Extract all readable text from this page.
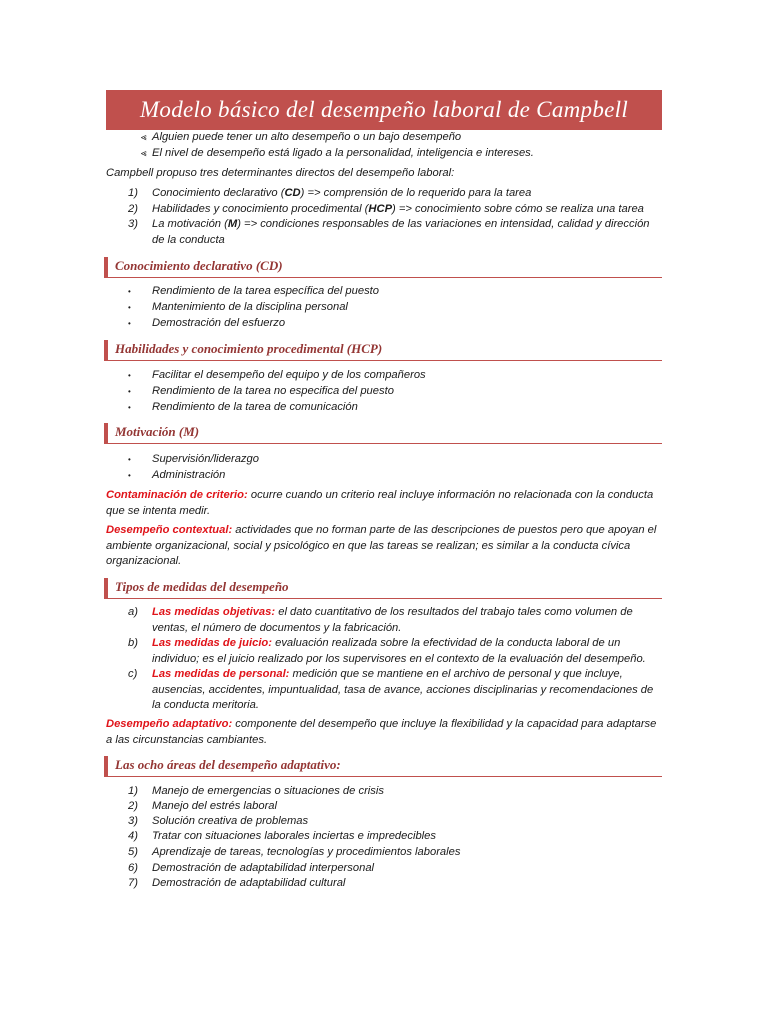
Modelo básico del desempeño laboral de Campbell
⪡ Alguien puede tener un alto desempeño o un bajo desempeño
⪡ El nivel de desempeño está ligado a la personalidad, inteligencia e intereses.
Campbell propuso tres determinantes directos del desempeño laboral:
1)	Conocimiento declarativo (CD) => comprensión de lo requerido para la tarea
2)	Habilidades y conocimiento procedimental (HCP) => conocimiento sobre cómo se realiza una tarea
3)	La motivación (M) => condiciones responsables de las variaciones en intensidad, calidad y dirección de la conducta
Conocimiento declarativo (CD)
• Rendimiento de la tarea específica del puesto
• Mantenimiento de la disciplina personal
• Demostración del esfuerzo
Habilidades y conocimiento procedimental (HCP)
• Facilitar el desempeño del equipo y de los compañeros
• Rendimiento de la tarea no especifica del puesto
• Rendimiento de la tarea de comunicación
Motivación (M)
• Supervisión/liderazgo
• Administración
Contaminación de criterio: ocurre cuando un criterio real incluye información no relacionada con la conducta que se intenta medir.
Desempeño contextual: actividades que no forman parte de las descripciones de puestos pero que apoyan el ambiente organizacional, social y psicológico en que las tareas se realizan; es similar a la conducta cívica organizacional.
Tipos de medidas del desempeño
a)	Las medidas objetivas: el dato cuantitativo de los resultados del trabajo tales como volumen de ventas, el número de documentos y la fabricación.
b)	Las medidas de juicio: evaluación realizada sobre la efectividad de la conducta laboral de un individuo; es el juicio realizado por los supervisores en el contexto de la evaluación del desempeño.
c)	Las medidas de personal: medición que se mantiene en el archivo de personal y que incluye, ausencias, accidentes, impuntualidad, tasa de avance, acciones disciplinarias y recomendaciones de la conducta meritoria.
Desempeño adaptativo: componente del desempeño que incluye la flexibilidad y la capacidad para adaptarse a las circunstancias cambiantes.
Las ocho áreas del desempeño adaptativo:
1)	Manejo de emergencias o situaciones de crisis
2)	Manejo del estrés laboral
3)	Solución creativa de problemas
4)	Tratar con situaciones laborales inciertas e impredecibles
5)	Aprendizaje de tareas, tecnologías y procedimientos laborales
6)	Demostración de adaptabilidad interpersonal
7)	Demostración de adaptabilidad cultural
